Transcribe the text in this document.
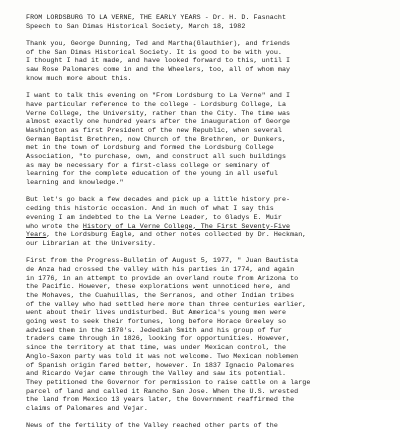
FROM LORDSBURG TO LA VERNE, THE EARLY YEARS - Dr. H. D. Fasnacht
Speech to San Dimas Historical Society, March 18, 1982
Thank you, George Dunning, Ted and Martha(Glauthier), and friends
of the San Dimas Historical Society. It is good to be with you.
I thought I had it made, and have looked forward to this, until I
saw Rose Palomares come in and the Wheelers, too, all of whom may
know much more about this.
I want to talk this evening on "From Lordsburg to La Verne" and I
have particular reference to the college - Lordsburg College, La
Verne College, the University, rather than the City. The time was
almost exactly one hundred years after the inauguration of George
Washington as first President of the new Republic, when several
German Baptist Brethren, now Church of the Brethren, or Dunkers,
met in the town of Lordsburg and formed the Lordsburg College
Association, "to purchase, own, and construct all such buildings
as may be necessary for a first-class college or seminary of
learning for the complete education of the young in all useful
learning and knowledge."
But let's go back a few decades and pick up a little history pre-
ceding this historic occasion. And in much of what I say this
evening I am indebted to the La Verne Leader, to Gladys E. Muir
who wrote the History of La Verne College, The First Seventy-Five
Years, the Lordsburg Eagle, and other notes collected by Dr. Heckman,
our Librarian at the University.
First from the Progress-Bulletin of August 5, 1977, " Juan Bautista
de Anza had crossed the valley with his parties in 1774, and again
in 1776, in an attempt to provide an overland route from Arizona to
the Pacific. However, these explorations went unnoticed here, and
the Mohaves, the Cuahuillas, the Serranos, and other Indian tribes
of the valley who had settled here more than three centuries earlier,
went about their lives undisturbed. But America's young men were
going west to seek their fortunes, long before Horace Greeley so
advised them in the 1870's. Jedediah Smith and his group of fur
traders came through in 1826, looking for opportunities. However,
since the territory at that time, was under Mexican control, the
Anglo-Saxon party was told it was not welcome. Two Mexican noblemen
of Spanish origin fared better, however. In 1837 Ignacio Palomares
and Ricardo Vejar came through the Valley and saw its potential.
They petitioned the Governor for permission to raise cattle on a large
parcel of land and called it Rancho San Jose. When the U.S. wrested
the land from Mexico 13 years later, the Government reaffirmed the
claims of Palomares and Vejar.
News of the fertility of the Valley reached other parts of the
